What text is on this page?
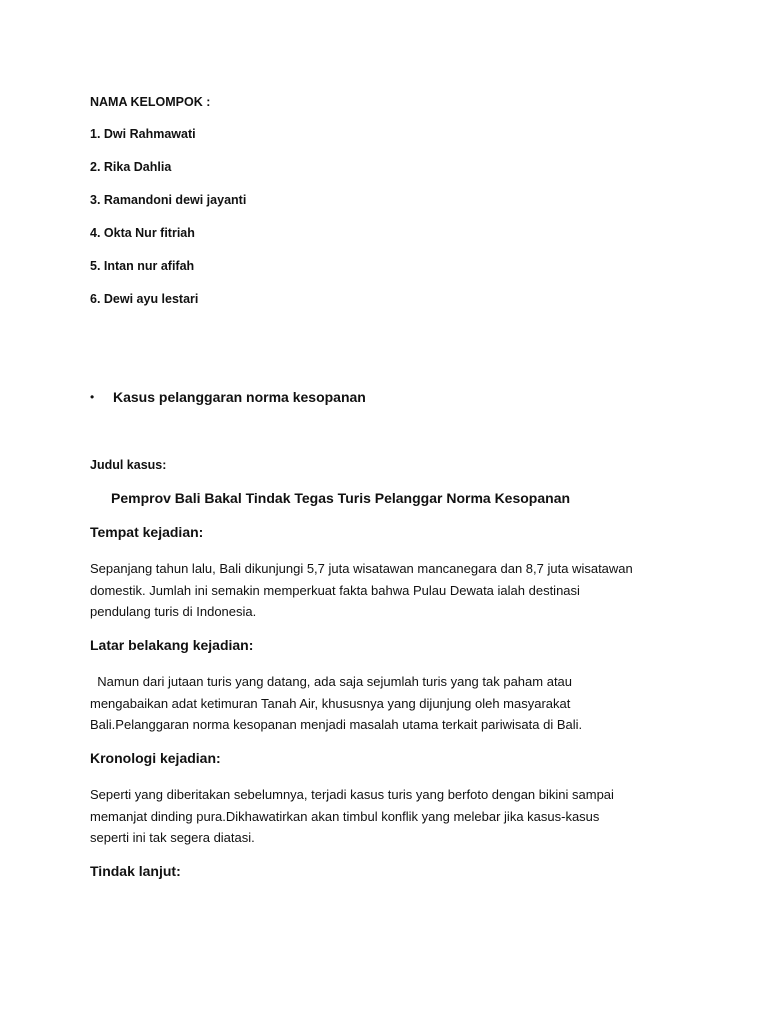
NAMA KELOMPOK :
1. Dwi Rahmawati
2. Rika Dahlia
3. Ramandoni dewi jayanti
4. Okta Nur fitriah
5. Intan nur afifah
6. Dewi ayu lestari
•	Kasus pelanggaran norma kesopanan
Judul kasus:
Pemprov Bali Bakal Tindak Tegas Turis Pelanggar Norma Kesopanan
Tempat kejadian:
Sepanjang tahun lalu, Bali dikunjungi 5,7 juta wisatawan mancanegara dan 8,7 juta wisatawan
domestik. Jumlah ini semakin memperkuat fakta bahwa Pulau Dewata ialah destinasi
pendulang turis di Indonesia.
Latar belakang kejadian:
Namun dari jutaan turis yang datang, ada saja sejumlah turis yang tak paham atau
mengabaikan adat ketimuran Tanah Air, khususnya yang dijunjung oleh masyarakat
Bali.Pelanggaran norma kesopanan menjadi masalah utama terkait pariwisata di Bali.
Kronologi kejadian:
Seperti yang diberitakan sebelumnya, terjadi kasus turis yang berfoto dengan bikini sampai
memanjat dinding pura.Dikhawatirkan akan timbul konflik yang melebar jika kasus-kasus
seperti ini tak segera diatasi.
Tindak lanjut:
